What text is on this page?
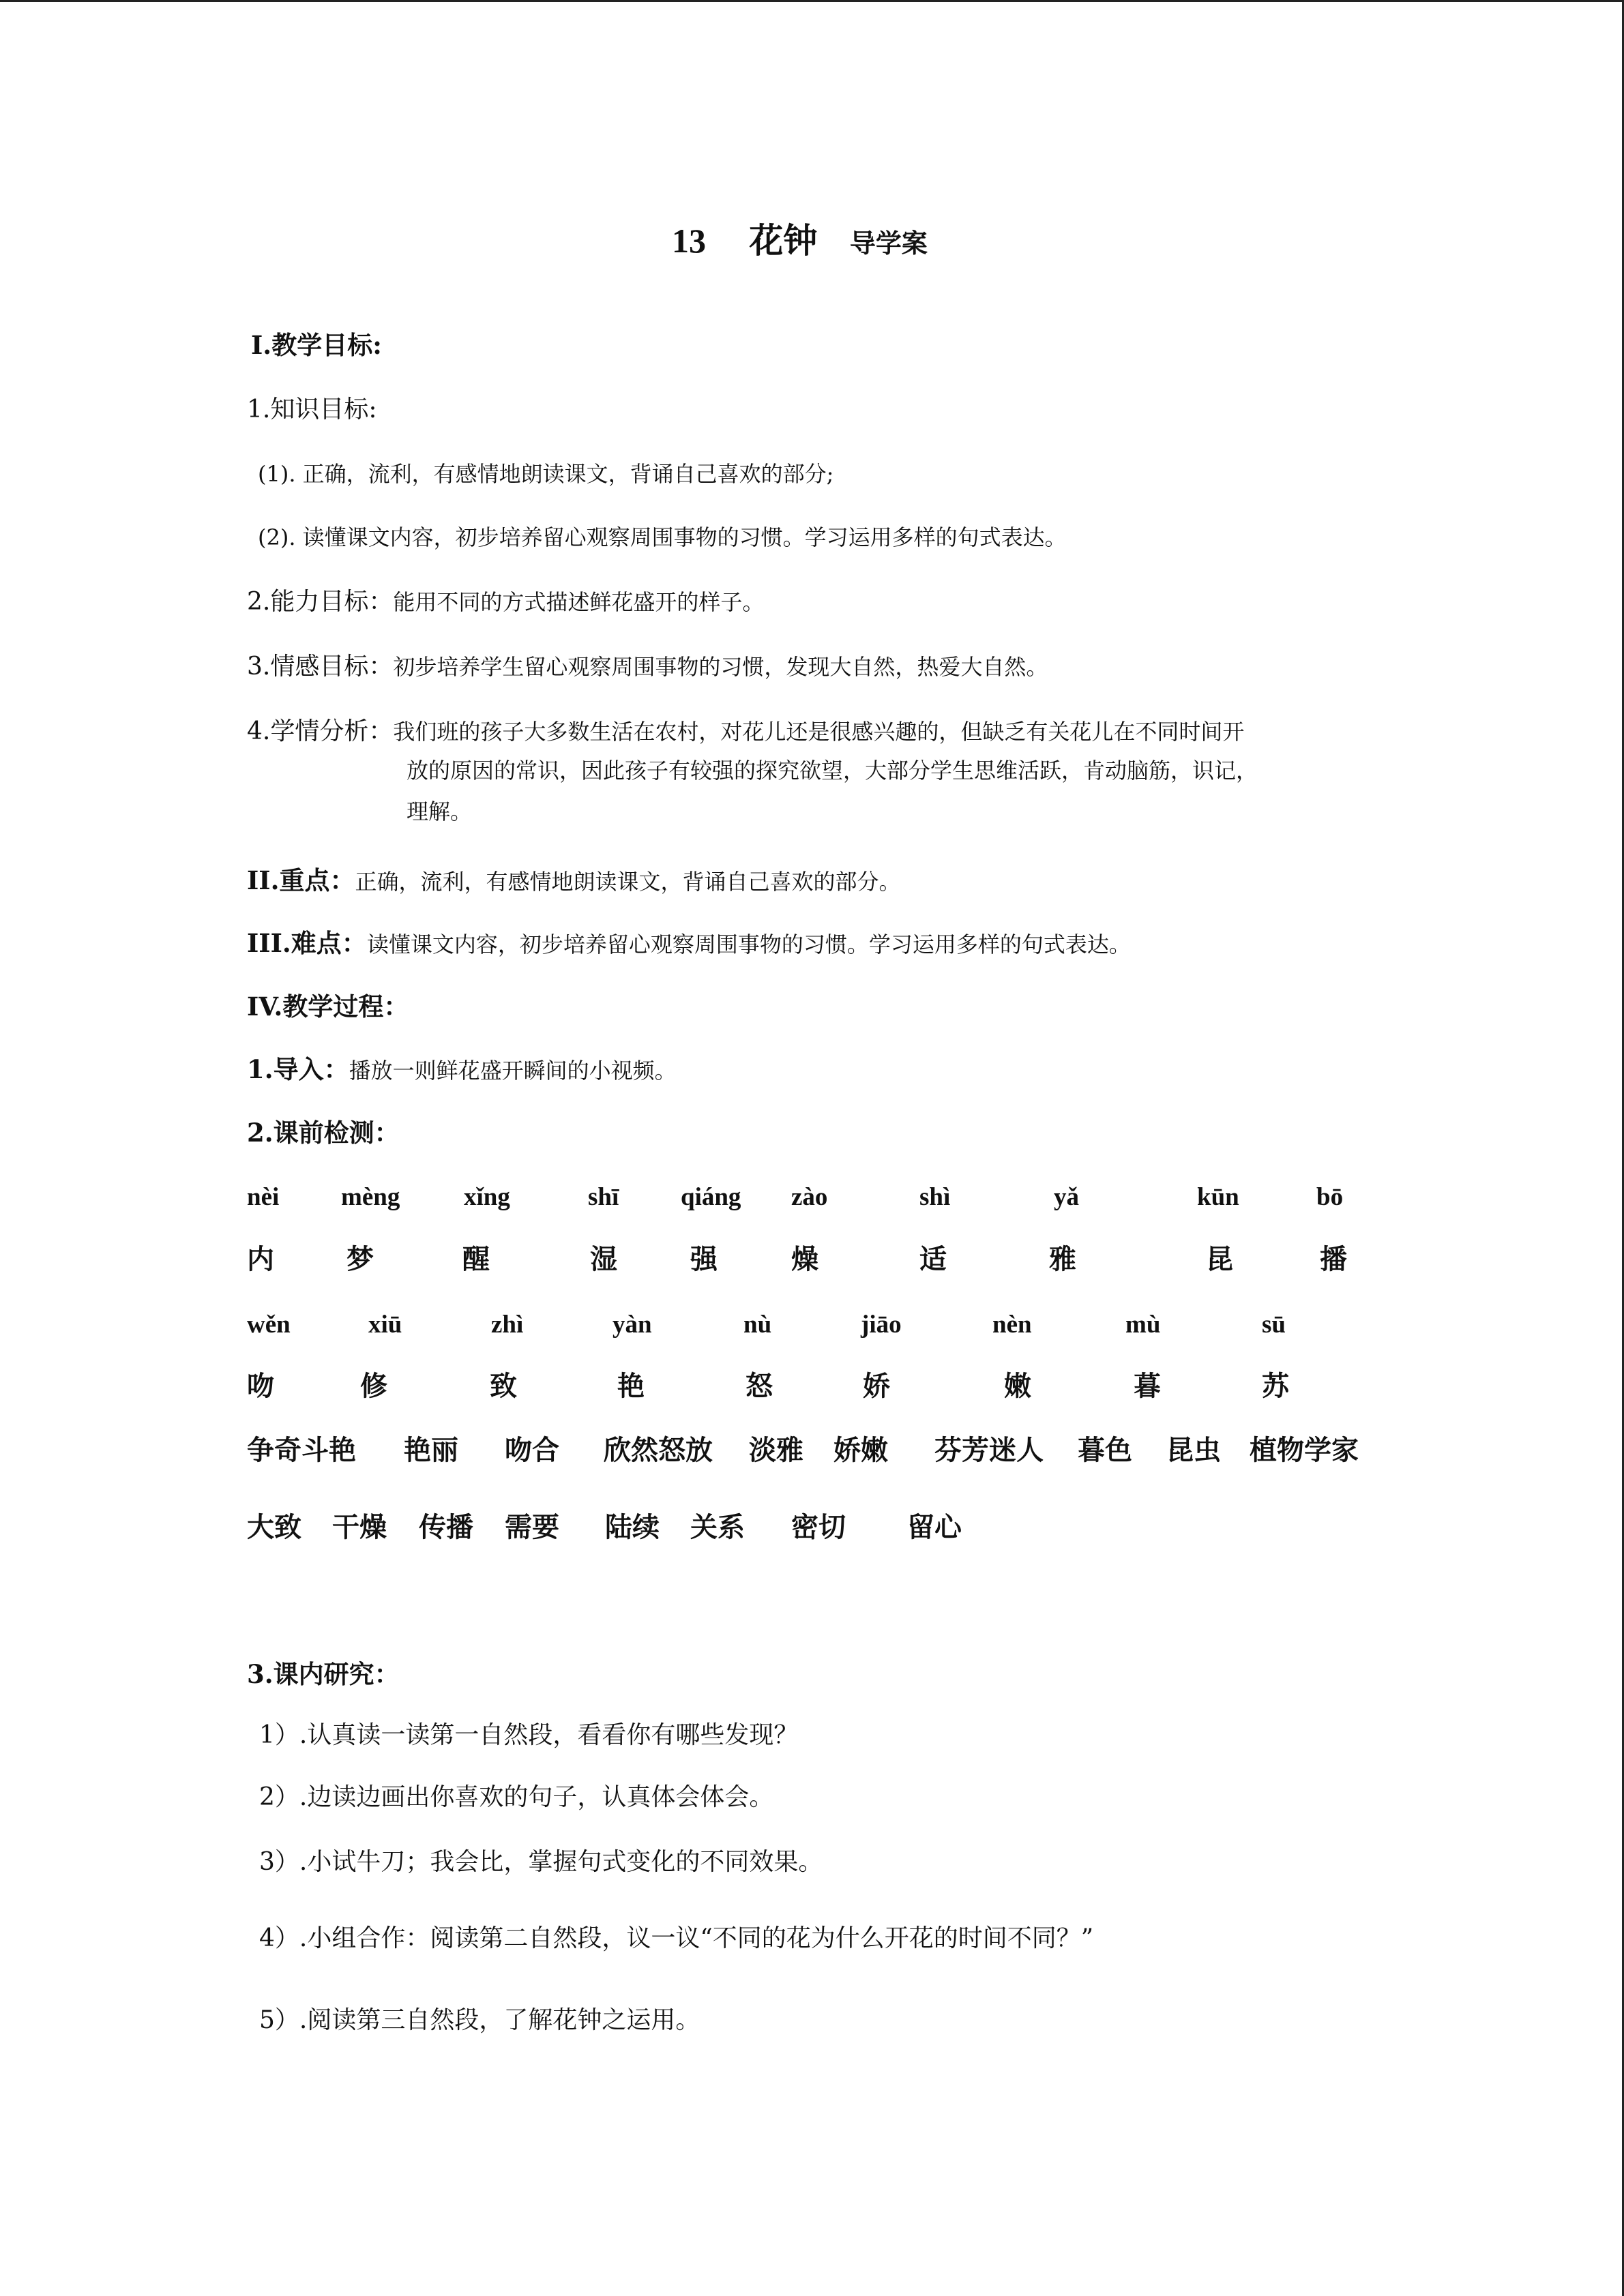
13 花钟 导学案
Ⅰ.教学目标:
1.知识目标:
(1). 正确，流利，有感情地朗读课文，背诵自己喜欢的部分;
(2). 读懂课文内容，初步培养留心观察周围事物的习惯。学习运用多样的句式表达。
2.能力目标：能用不同的方式描述鲜花盛开的样子。
3.情感目标：初步培养学生留心观察周围事物的习惯，发现大自然，热爱大自然。
4.学情分析：我们班的孩子大多数生活在农村，对花儿还是很感兴趣的，但缺乏有关花儿在不同时间开
放的原因的常识，因此孩子有较强的探究欲望，大部分学生思维活跃，肯动脑筋，识记，
理解。
II.重点：正确，流利，有感情地朗读课文，背诵自己喜欢的部分。
III.难点：读懂课文内容，初步培养留心观察周围事物的习惯。学习运用多样的句式表达。
IV.教学过程：
1.导入：播放一则鲜花盛开瞬间的小视频。
2.课前检测：
nèi mèng	xǐng	shī qiáng zào	shì	yǎ	kūn	bō
内	梦	醒	湿	强	燥	适	雅	昆	播
wěn	xiū	zhì	yàn	nù	jiāo	nèn	mù	sū
吻	修	致	艳	怒	娇	嫩	暮	苏
争奇斗艳 艳丽 吻合 欣然怒放 淡雅 娇嫩 芬芳迷人 暮色 昆虫 植物学家
大致 干燥 传播 需要 陆续 关系 密切 留心
3.课内研究：
1）.认真读一读第一自然段，看看你有哪些发现？
2）.边读边画出你喜欢的句子，认真体会体会。
3）.小试牛刀；我会比，掌握句式变化的不同效果。
4）.小组合作：阅读第二自然段，议一议“不同的花为什么开花的时间不同？”
5）.阅读第三自然段，了解花钟之运用。
